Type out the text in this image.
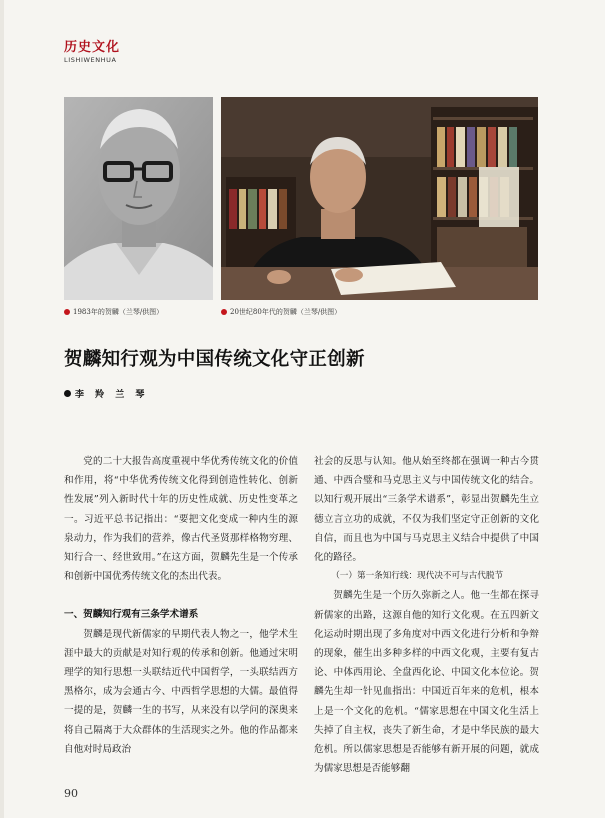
历史文化
LISHIWENHUA
1983年的贺麟（兰琴/供图）	20世纪80年代的贺麟（兰琴/供图）
贺麟知行观为中国传统文化守正创新
李 羚 兰 琴

党的二十大报告高度重视中华优秀传统文化的价值和作用，将“中华优秀传统文化得到创造性转化、创新性发展”列入新时代十年的历史性成就、历史性变革之一。习近平总书记指出：“要把文化变成一种内生的源泉动力，作为我们的营养，像古代圣贤那样格物穷理、知行合一、经世致用。”在这方面，贺麟先生是一个传承和创新中国优秀传统文化的杰出代表。

一、贺麟知行观有三条学术谱系

贺麟是现代新儒家的早期代表人物之一，他学术生涯中最大的贡献是对知行观的传承和创新。他通过宋明理学的知行思想一头联结近代中国哲学，一头联结西方黑格尔，成为会通古今、中西哲学思想的大儒。最值得一提的是，贺麟一生的书写，从来没有以学问的深奥来将自己隔离于大众群体的生活现实之外。他的作品都来自他对时局政治

社会的反思与认知。他从始至终都在强调一种古今贯通、中西合璧和马克思主义与中国传统文化的结合。以知行观开展出“三条学术谱系”，彰显出贺麟先生立德立言立功的成就，不仅为我们坚定守正创新的文化自信，而且也为中国与马克思主义结合中提供了中国化的路径。

（一）第一条知行线：现代决不可与古代脱节

贺麟先生是一个历久弥新之人。他一生都在探寻新儒家的出路，这源自他的知行文化观。在五四新文化运动时期出现了多角度对中西文化进行分析和争辩的现象，催生出多种多样的中西文化观，主要有复古论、中体西用论、全盘西化论、中国文化本位论。贺麟先生却一针见血指出：中国近百年来的危机，根本上是一个文化的危机。“儒家思想在中国文化生活上失掉了自主权，丧失了新生命，才是中华民族的最大危机。所以儒家思想是否能够有新开展的问题，就成为儒家思想是否能够翻

90
